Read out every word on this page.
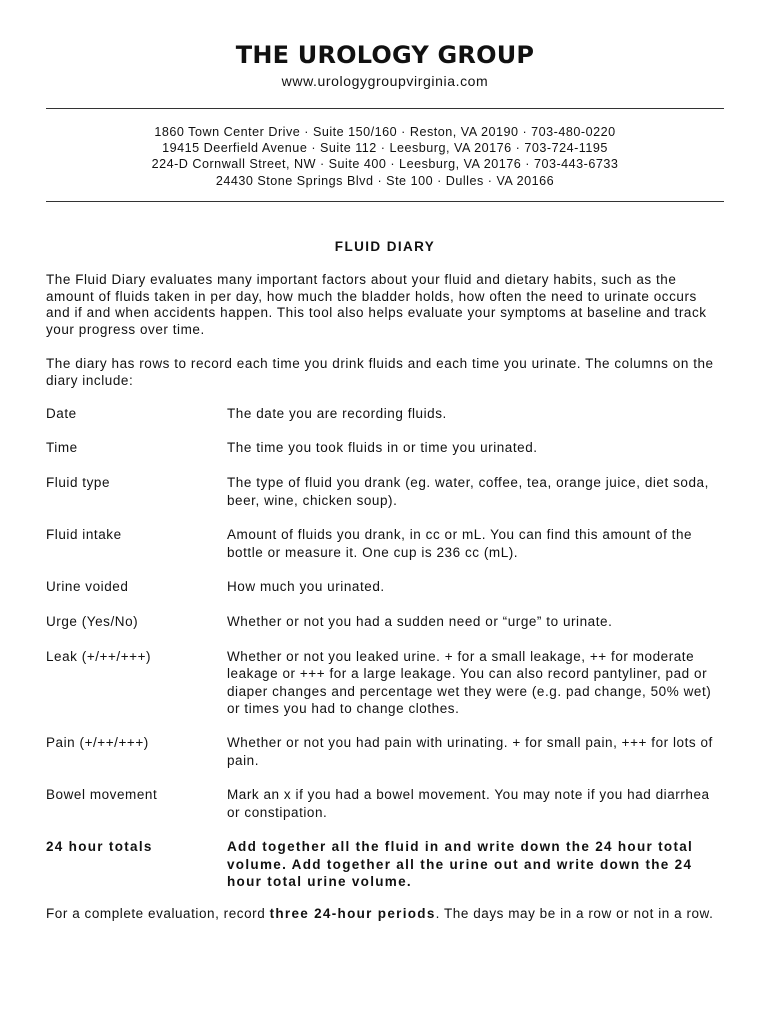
THE UROLOGY GROUP
www.urologygroupvirginia.com
1860 Town Center Drive · Suite 150/160 · Reston, VA 20190 · 703-480-0220
19415 Deerfield Avenue · Suite 112 · Leesburg, VA 20176 · 703-724-1195
224-D Cornwall Street, NW · Suite 400 · Leesburg, VA 20176 · 703-443-6733
24430 Stone Springs Blvd · Ste 100 · Dulles · VA 20166
FLUID DIARY

The Fluid Diary evaluates many important factors about your fluid and dietary habits, such as the amount of fluids taken in per day, how much the bladder holds, how often the need to urinate occurs and if and when accidents happen. This tool also helps evaluate your symptoms at baseline and track your progress over time.

The diary has rows to record each time you drink fluids and each time you urinate. The columns on the diary include:

Date	The date you are recording fluids.
Time	The time you took fluids in or time you urinated.
Fluid type	The type of fluid you drank (eg. water, coffee, tea, orange juice, diet soda, beer, wine, chicken soup).
Fluid intake	Amount of fluids you drank, in cc or mL. You can find this amount of the bottle or measure it. One cup is 236 cc (mL).
Urine voided	How much you urinated.
Urge (Yes/No)	Whether or not you had a sudden need or “urge” to urinate.
Leak (+/++/+++)	Whether or not you leaked urine. + for a small leakage, ++ for moderate leakage or +++ for a large leakage. You can also record pantyliner, pad or diaper changes and percentage wet they were (e.g. pad change, 50% wet) or times you had to change clothes.
Pain (+/++/+++)	Whether or not you had pain with urinating. + for small pain, +++ for lots of pain.
Bowel movement	Mark an x if you had a bowel movement. You may note if you had diarrhea or constipation.
24 hour totals	Add together all the fluid in and write down the 24 hour total volume. Add together all the urine out and write down the 24 hour total urine volume.

For a complete evaluation, record three 24-hour periods. The days may be in a row or not in a row.
